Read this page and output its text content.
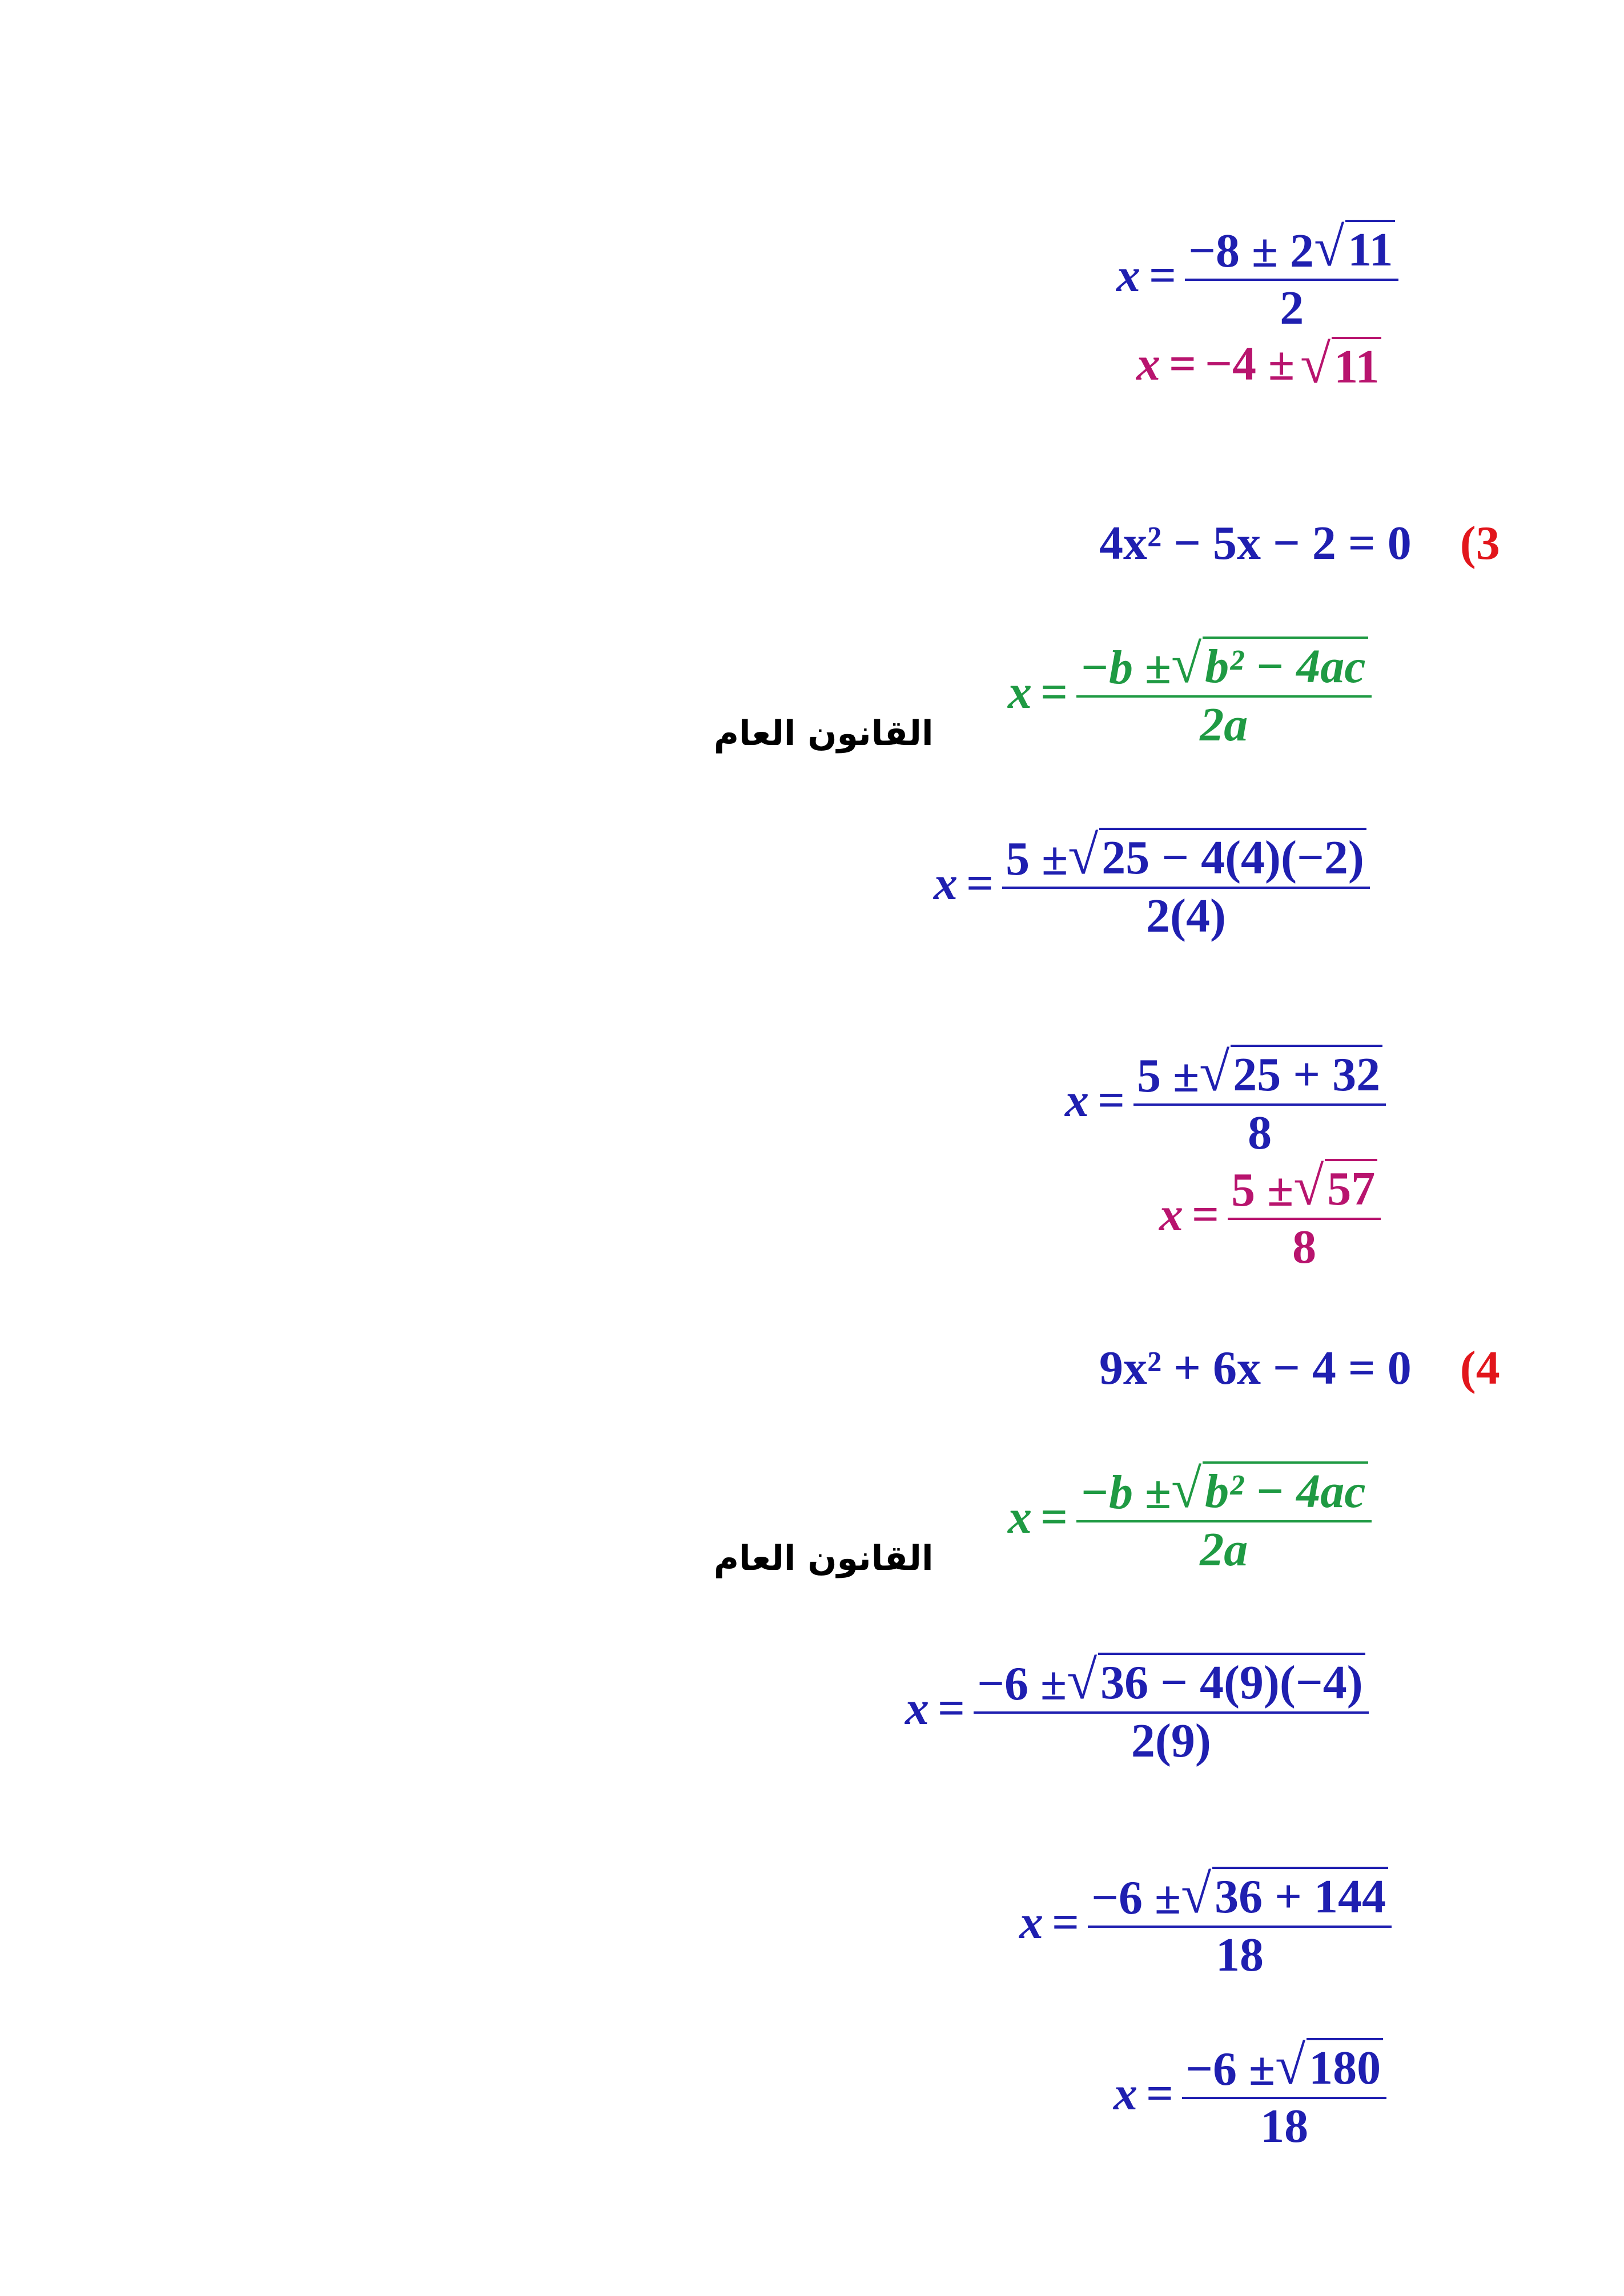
$x = \frac{-8 \pm 2 √ 11}{2}$
x = −4 ± √ 11
4x² − 5x − 2 = 0 (3
$x = \frac{\text{−b ± √ b² − 4ac}}{2a}$
القانون العام
$x = \frac{5 \pm √ 25 - 4(4)(-2)}{2(4)}$
$x = \frac{5 \pm √ 25 + 32}{8}$
$x = \frac{5 \pm √ 57}{8}$
9x² + 6x − 4 = 0 (4
$x = \frac{\text{−b ± √ b² − 4ac}}{2a}$
القانون العام
$x = \frac{-6 \pm √ 36 - 4(9)(-4)}{2(9)}$
$x = \frac{-6 \pm √ 36 + 144}{18}$
$x = \frac{-6 \pm √ 180}{18}$
